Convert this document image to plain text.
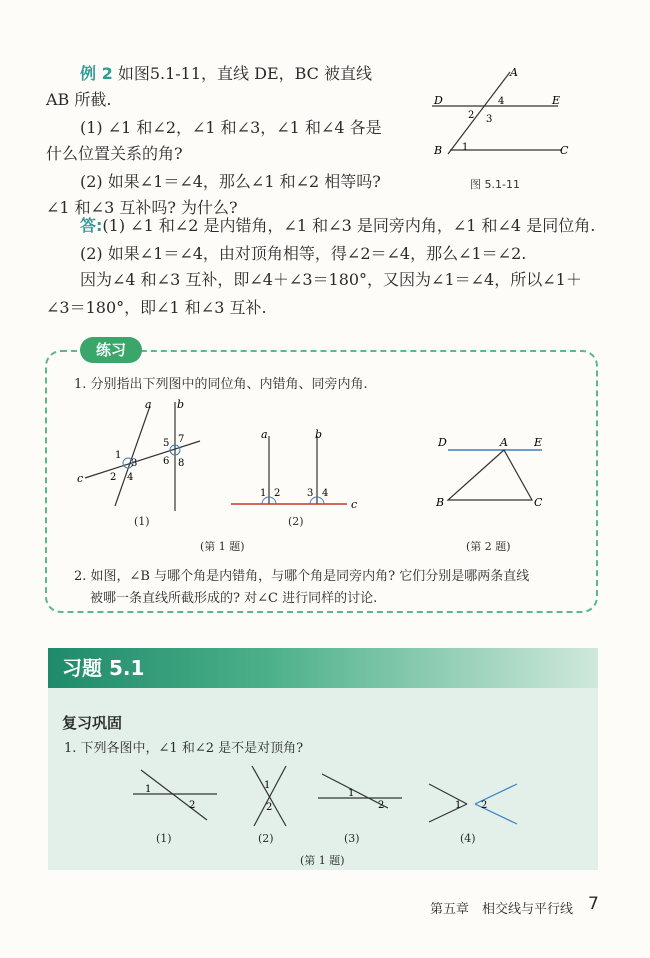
例 2 如图5.1-11，直线 DE，BC 被直线
AB 所截.
(1) ∠1 和∠2，∠1 和∠3，∠1 和∠4 各是
什么位置关系的角?
(2) 如果∠1＝∠4，那么∠1 和∠2 相等吗?
∠1 和∠3 互补吗? 为什么?
答:(1) ∠1 和∠2 是内错角，∠1 和∠3 是同旁内角，∠1 和∠4 是同位角.
(2) 如果∠1＝∠4，由对顶角相等，得∠2＝∠4，那么∠1＝∠2.
因为∠4 和∠3 互补，即∠4＋∠3＝180°，又因为∠1＝∠4，所以∠1＋
∠3＝180°，即∠1 和∠3 互补.
A
B	C
D	E
1
2 3
4
图 5.1-11
练习
1. 分别指出下列图中的同位角、内错角、同旁内角.
a b
c
1
3
2 4
5 7
6 8
(1)
a	b
c
1 2	3 4
(2)
(第 1 题)
D	A E
B	C
(第 2 题)
2. 如图，∠B 与哪个角是内错角，与哪个角是同旁内角? 它们分别是哪两条直线
被哪一条直线所截形成的? 对∠C 进行同样的讨论.
习题 5.1
复习巩固
1. 下列各图中，∠1 和∠2 是不是对顶角?
1
2
(1)
1
2
(2)
1
2
(3)
1 2
(4)
(第 1 题)
第五章　相交线与平行线 7
